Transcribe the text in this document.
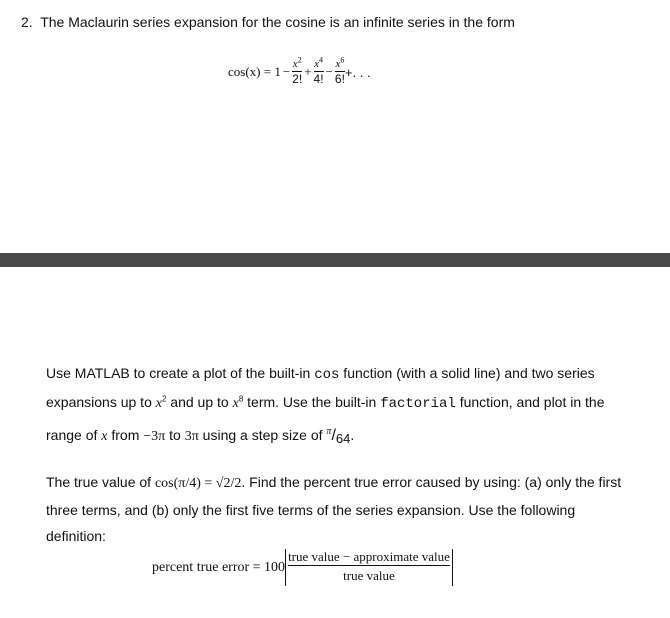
2. The Maclaurin series expansion for the cosine is an infinite series in the form
$\cos(x) = 1 - \frac{x^2}{2!} + \frac{x^4}{4!} - \frac{x^6}{6!}$ +. . .
Use MATLAB to create a plot of the built-in cos function (with a solid line) and two series expansions up to $x^2$ and up to $x^8$ term. Use the built-in factorial function, and plot in the range of x from −3π to 3π using a step size of $^\pi$/64.
The true value of cos(π/4) = √2/2. Find the percent true error caused by using: (a) only the first three terms, and (b) only the first five terms of the series expansion. Use the following definition:
percent true error = 100
true value − approximate value
true value
